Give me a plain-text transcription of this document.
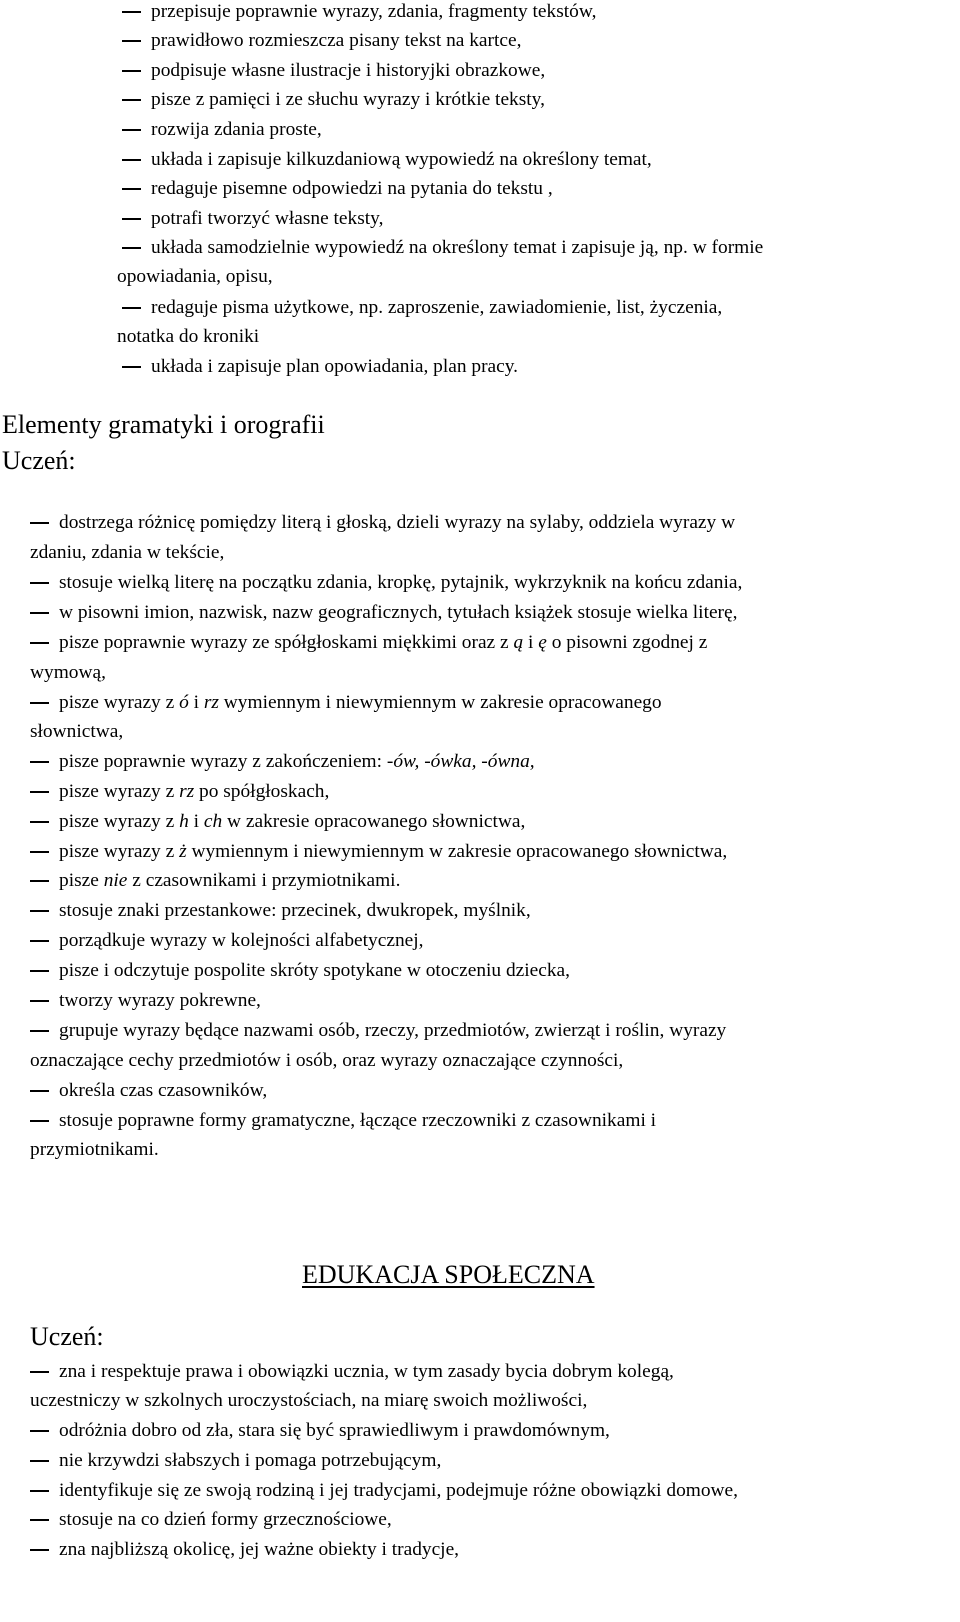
przepisuje poprawnie wyrazy, zdania, fragmenty tekstów,
prawidłowo rozmieszcza pisany tekst na kartce,
podpisuje własne ilustracje i historyjki obrazkowe,
pisze z pamięci i ze słuchu wyrazy i krótkie teksty,
rozwija zdania proste,
układa i zapisuje kilkuzdaniową wypowiedź na określony temat,
redaguje pisemne odpowiedzi na pytania do tekstu ,
potrafi tworzyć własne teksty,
układa samodzielnie wypowiedź na określony temat i zapisuje ją, np. w formie
opowiadania, opisu,
redaguje pisma użytkowe, np. zaproszenie, zawiadomienie, list, życzenia,
notatka do kroniki
układa i zapisuje plan opowiadania, plan pracy.
Elementy gramatyki i orografii
Uczeń:
dostrzega różnicę pomiędzy literą i głoską, dzieli wyrazy na sylaby, oddziela wyrazy w
zdaniu, zdania w tekście,
stosuje wielką literę na początku zdania, kropkę, pytajnik, wykrzyknik na końcu zdania,
w pisowni imion, nazwisk, nazw geograficznych, tytułach książek stosuje wielka literę,
pisze poprawnie wyrazy ze spółgłoskami miękkimi oraz z ą i ę o pisowni zgodnej z
wymową,
pisze wyrazy z ó i rz wymiennym i niewymiennym w zakresie opracowanego
słownictwa,
pisze poprawnie wyrazy z zakończeniem: -ów, -ówka, -ówna,
pisze wyrazy z rz po spółgłoskach,
pisze wyrazy z h i ch w zakresie opracowanego słownictwa,
pisze wyrazy z ż wymiennym i niewymiennym w zakresie opracowanego słownictwa,
pisze nie z czasownikami i przymiotnikami.
stosuje znaki przestankowe: przecinek, dwukropek, myślnik,
porządkuje wyrazy w kolejności alfabetycznej,
pisze i odczytuje pospolite skróty spotykane w otoczeniu dziecka,
tworzy wyrazy pokrewne,
grupuje wyrazy będące nazwami osób, rzeczy, przedmiotów, zwierząt i roślin, wyrazy
oznaczające cechy przedmiotów i osób, oraz wyrazy oznaczające czynności,
określa czas czasowników,
stosuje poprawne formy gramatyczne, łączące rzeczowniki z czasownikami i
przymiotnikami.
EDUKACJA SPOŁECZNA
Uczeń:
zna i respektuje prawa i obowiązki ucznia, w tym zasady bycia dobrym kolegą,
uczestniczy w szkolnych uroczystościach, na miarę swoich możliwości,
odróżnia dobro od zła, stara się być sprawiedliwym i prawdomównym,
nie krzywdzi słabszych i pomaga potrzebującym,
identyfikuje się ze swoją rodziną i jej tradycjami, podejmuje różne obowiązki domowe,
stosuje na co dzień formy grzecznościowe,
zna najbliższą okolicę, jej ważne obiekty i tradycje,
